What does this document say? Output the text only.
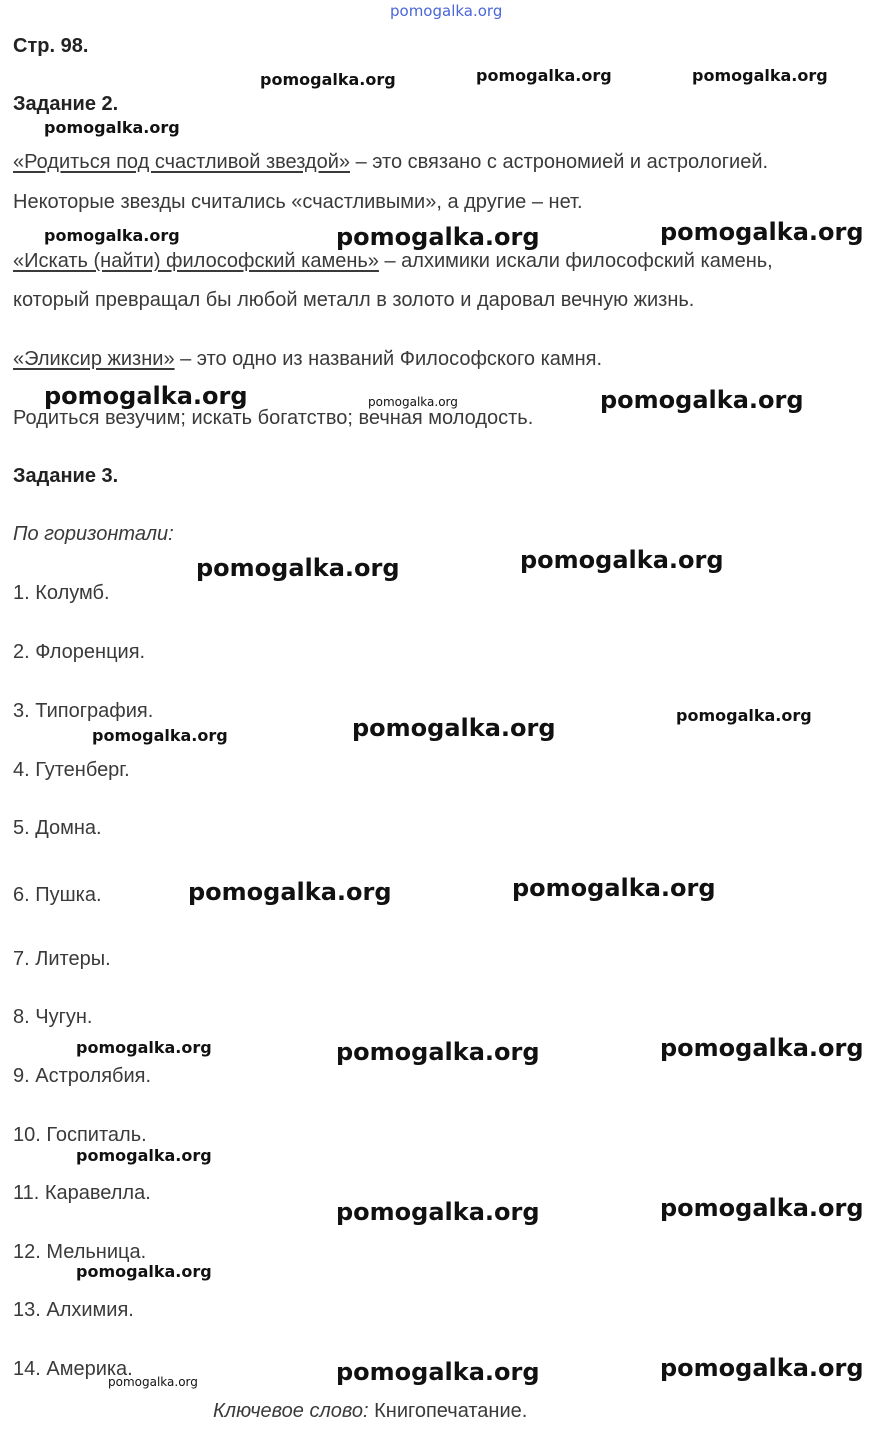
pomogalka.org
Стр. 98.
Задание 2.
«Родиться под счастливой звездой» – это связано с астрономией и астрологией.
Некоторые звезды считались «счастливыми», а другие – нет.
«Искать (найти) философский камень» – алхимики искали философский камень,
который превращал бы любой металл в золото и даровал вечную жизнь.
«Эликсир жизни» – это одно из названий Философского камня.
Родиться везучим; искать богатство; вечная молодость.
Задание 3.
По горизонтали:
1. Колумб.
2. Флоренция.
3. Типография.
4. Гутенберг.
5. Домна.
6. Пушка.
7. Литеры.
8. Чугун.
9. Астролябия.
10. Госпиталь.
11. Каравелла.
12. Мельница.
13. Алхимия.
14. Америка.
Ключевое слово: Книгопечатание.
pomogalka.org	pomogalka.org	pomogalka.org
pomogalka.org
pomogalka.org	pomogalka.org	pomogalka.org
pomogalka.org	pomogalka.org	pomogalka.org
pomogalka.org	pomogalka.org
pomogalka.org	pomogalka.org	pomogalka.org
pomogalka.org	pomogalka.org
pomogalka.org	pomogalka.org	pomogalka.org
pomogalka.org
pomogalka.org	pomogalka.org
pomogalka.org
pomogalka.org	pomogalka.org
pomogalka.org
